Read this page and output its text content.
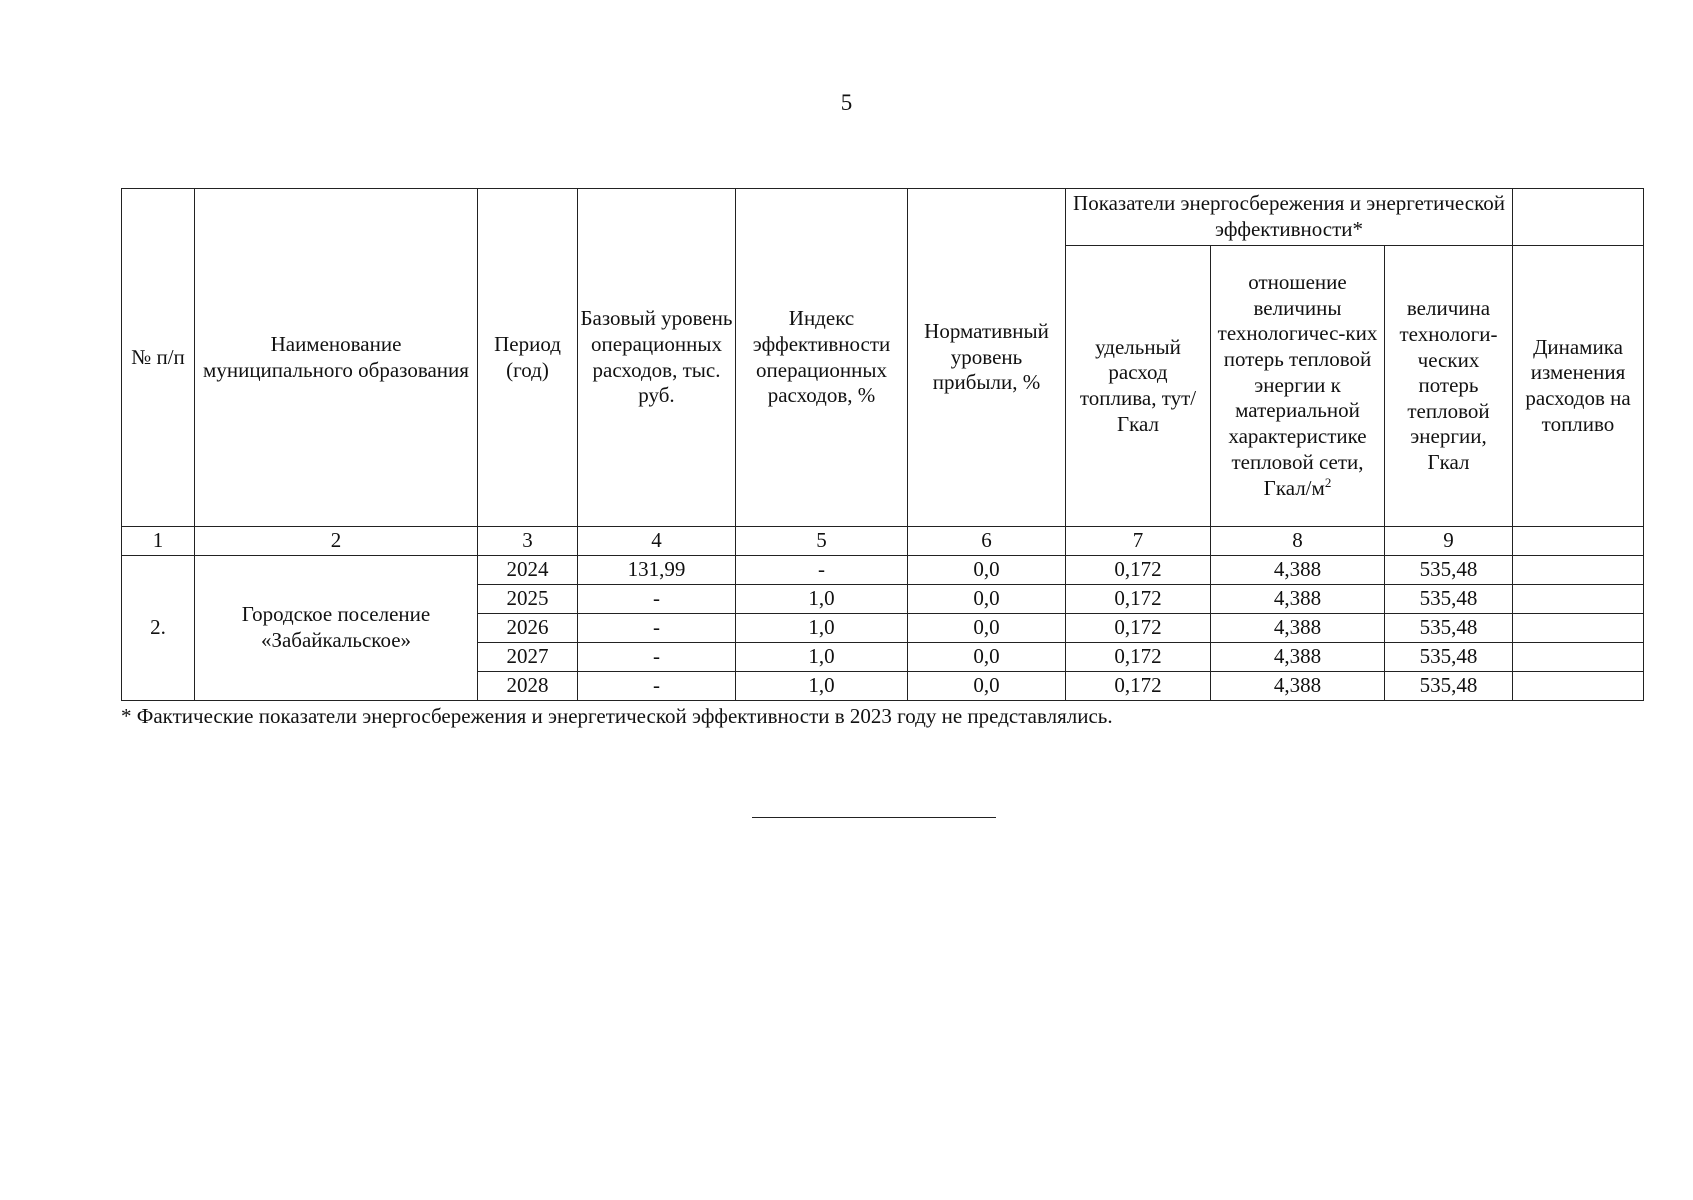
5
№ п/п	Наименование муниципального образования	Период (год)	Базовый уровень операционных расходов, тыс. руб.	Индекс эффективности операционных расходов, %	Нормативный уровень прибыли, %	Показатели энергосбережения и энергетической эффективности*			
						удельный расход топлива, тут/Гкал	отношение величины технологичес-ких потерь тепловой энергии к материальной характеристике тепловой сети, Гкал/$м^2$	величина технологи-ческих потерь тепловой энергии, Гкал	Динамика изменения расходов на топливо
1	2	3	4	5	6	7	8	9	
2.	Городское поселение «Забайкальское»	2024	131,99	-	0,0	0,172	4,388	535,48	
		2025	-	1,0	0,0	0,172	4,388	535,48	
		2026	-	1,0	0,0	0,172	4,388	535,48	
		2027	-	1,0	0,0	0,172	4,388	535,48	
		2028	-	1,0	0,0	0,172	4,388	535,48	
* Фактические показатели энергосбережения и энергетической эффективности в 2023 году не представлялись.
